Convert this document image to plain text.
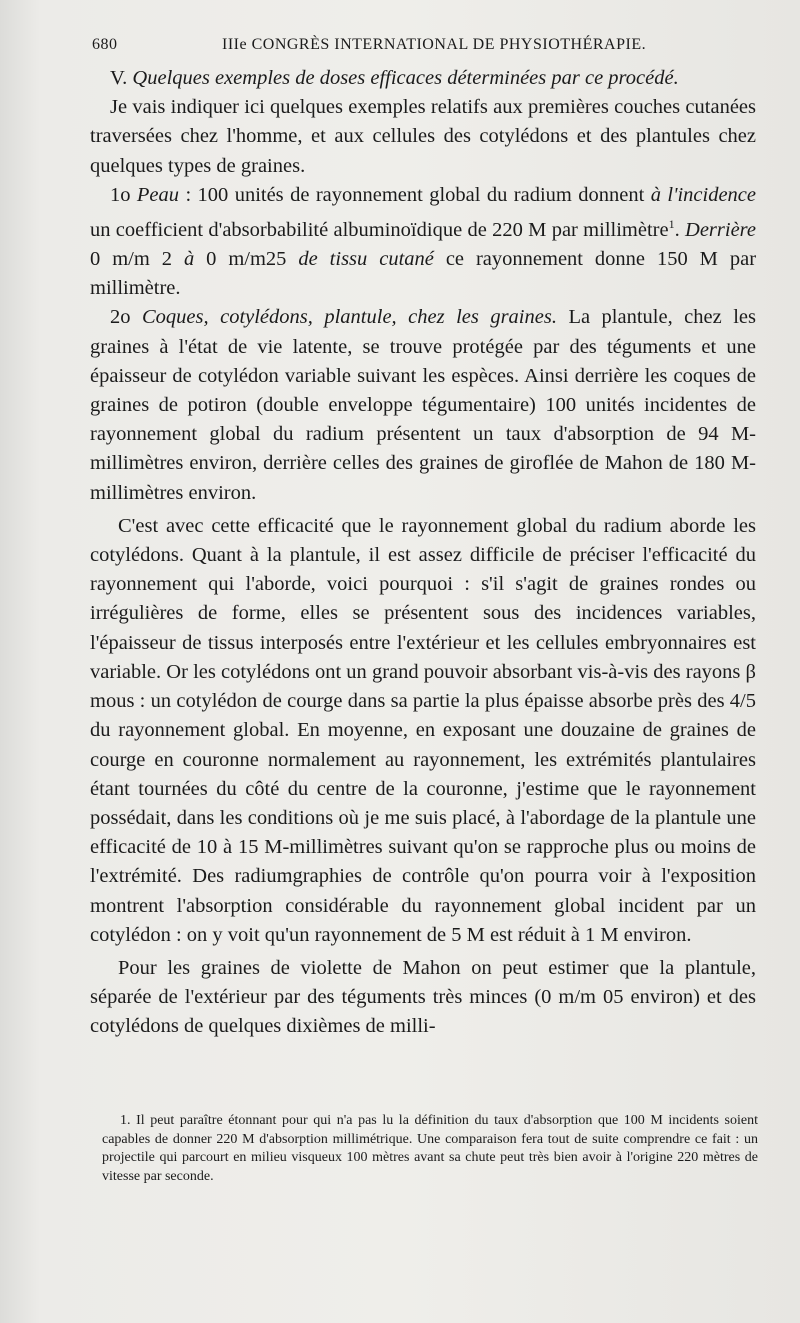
680	IIIe CONGRÈS INTERNATIONAL DE PHYSIOTHÉRAPIE.

V. Quelques exemples de doses efficaces déterminées par ce procédé.

Je vais indiquer ici quelques exemples relatifs aux premières couches cutanées traversées chez l'homme, et aux cellules des cotylédons et des plantules chez quelques types de graines.

1o Peau : 100 unités de rayonnement global du radium donnent à l'incidence un coefficient d'absorbabilité albuminoïdique de 220 M par millimètre$^1$. Derrière 0 m/m 2 à 0 m/m25 de tissu cutané ce rayonnement donne 150 M par millimètre.

2o Coques, cotylédons, plantule, chez les graines. La plantule, chez les graines à l'état de vie latente, se trouve protégée par des téguments et une épaisseur de cotylédon variable suivant les espèces. Ainsi derrière les coques de graines de potiron (double enveloppe tégumentaire) 100 unités incidentes de rayonnement global du radium présentent un taux d'absorption de 94 M-millimètres environ, derrière celles des graines de giroflée de Mahon de 180 M-millimètres environ.

C'est avec cette efficacité que le rayonnement global du radium aborde les cotylédons. Quant à la plantule, il est assez difficile de préciser l'efficacité du rayonnement qui l'aborde, voici pourquoi : s'il s'agit de graines rondes ou irrégulières de forme, elles se présentent sous des incidences variables, l'épaisseur de tissus interposés entre l'extérieur et les cellules embryonnaires est variable. Or les cotylédons ont un grand pouvoir absorbant vis-à-vis des rayons β mous : un cotylédon de courge dans sa partie la plus épaisse absorbe près des 4/5 du rayonnement global. En moyenne, en exposant une douzaine de graines de courge en couronne normalement au rayonnement, les extrémités plantulaires étant tournées du côté du centre de la couronne, j'estime que le rayonnement possédait, dans les conditions où je me suis placé, à l'abordage de la plantule une efficacité de 10 à 15 M-millimètres suivant qu'on se rapproche plus ou moins de l'extrémité. Des radiumgraphies de contrôle qu'on pourra voir à l'exposition montrent l'absorption considérable du rayonnement global incident par un cotylédon : on y voit qu'un rayonnement de 5 M est réduit à 1 M environ.

Pour les graines de violette de Mahon on peut estimer que la plantule, séparée de l'extérieur par des téguments très minces (0 m/m 05 environ) et des cotylédons de quelques dixièmes de milli-

1. Il peut paraître étonnant pour qui n'a pas lu la définition du taux d'absorption que 100 M incidents soient capables de donner 220 M d'absorption millimétrique. Une comparaison fera tout de suite comprendre ce fait : un projectile qui parcourt en milieu visqueux 100 mètres avant sa chute peut très bien avoir à l'origine 220 mètres de vitesse par seconde.
